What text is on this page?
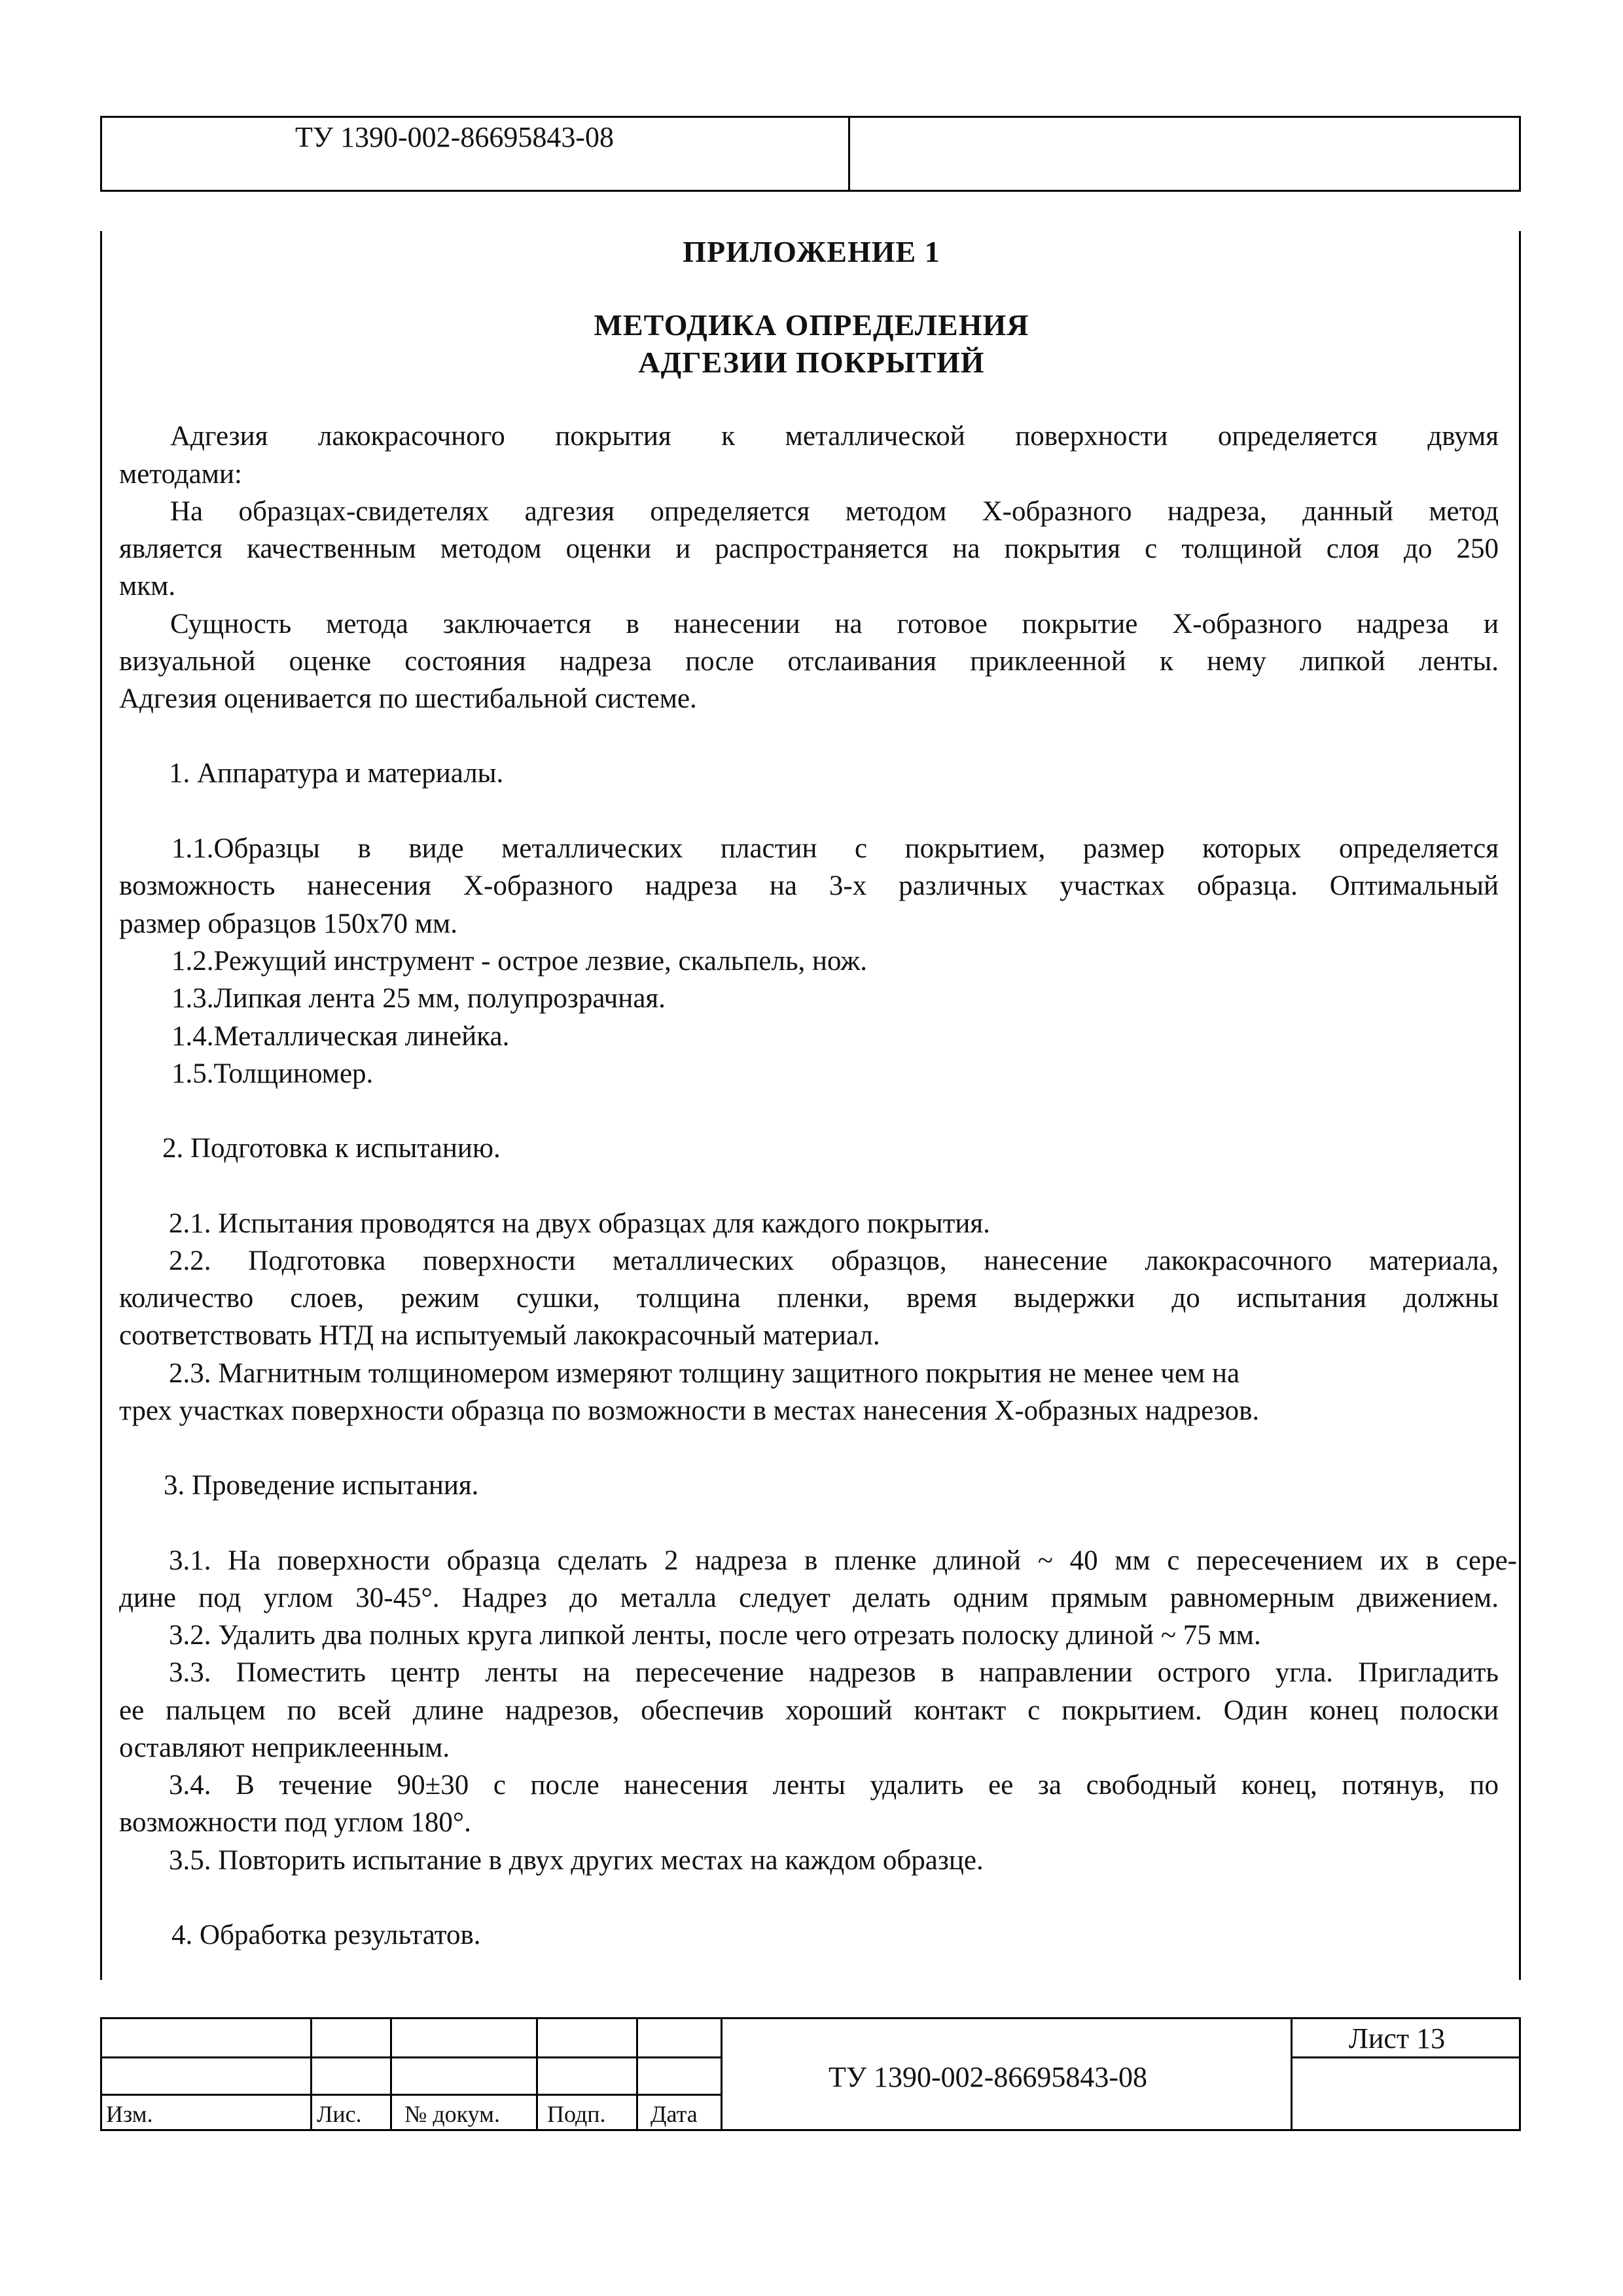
ТУ 1390-002-86695843-08
ПРИЛОЖЕНИЕ 1
МЕТОДИКА ОПРЕДЕЛЕНИЯ
АДГЕЗИИ ПОКРЫТИЙ
Адгезия лакокрасочного покрытия к металлической поверхности определяется двумя
методами:
На образцах-свидетелях адгезия определяется методом Х-образного надреза, данный метод
является качественным методом оценки и распространяется на покрытия с толщиной слоя до 250
мкм.
Сущность метода заключается в нанесении на готовое покрытие Х-образного надреза и
визуальной оценке состояния надреза после отслаивания приклеенной к нему липкой ленты.
Адгезия оценивается по шестибальной системе.
1. Аппаратура и материалы.
1.1.Образцы в виде металлических пластин с покрытием, размер которых определяется
возможность нанесения Х-образного надреза на 3-х различных участках образца. Оптимальный
размер образцов 150х70 мм.
1.2.Режущий инструмент - острое лезвие, скальпель, нож.
1.3.Липкая лента 25 мм, полупрозрачная.
1.4.Металлическая линейка.
1.5.Толщиномер.
2. Подготовка к испытанию.
2.1. Испытания проводятся на двух образцах для каждого покрытия.
2.2. Подготовка поверхности металлических образцов, нанесение лакокрасочного материала,
количество слоев, режим сушки, толщина пленки, время выдержки до испытания должны
соответствовать НТД на испытуемый лакокрасочный материал.
2.3. Магнитным толщиномером измеряют толщину защитного покрытия не менее чем на
трех участках поверхности образца по возможности в местах нанесения Х-образных надрезов.
3. Проведение испытания.
3.1. На поверхности образца сделать 2 надреза в пленке длиной ~ 40 мм с пересечением их в сере-
дине под углом 30-45°. Надрез до металла следует делать одним прямым равномерным движением.
3.2. Удалить два полных круга липкой ленты, после чего отрезать полоску длиной ~ 75 мм.
3.3. Поместить центр ленты на пересечение надрезов в направлении острого угла. Пригладить
ее пальцем по всей длине надрезов, обеспечив хороший контакт с покрытием. Один конец полоски
оставляют неприклеенным.
3.4. В течение 90±30 с после нанесения ленты удалить ее за свободный конец, потянув, по
возможности под углом 180°.
3.5. Повторить испытание в двух других местах на каждом образце.
4. Обработка результатов.
Изм.	Лис. № докум. Подп. Дата
ТУ 1390-002-86695843-08
Лист 13
